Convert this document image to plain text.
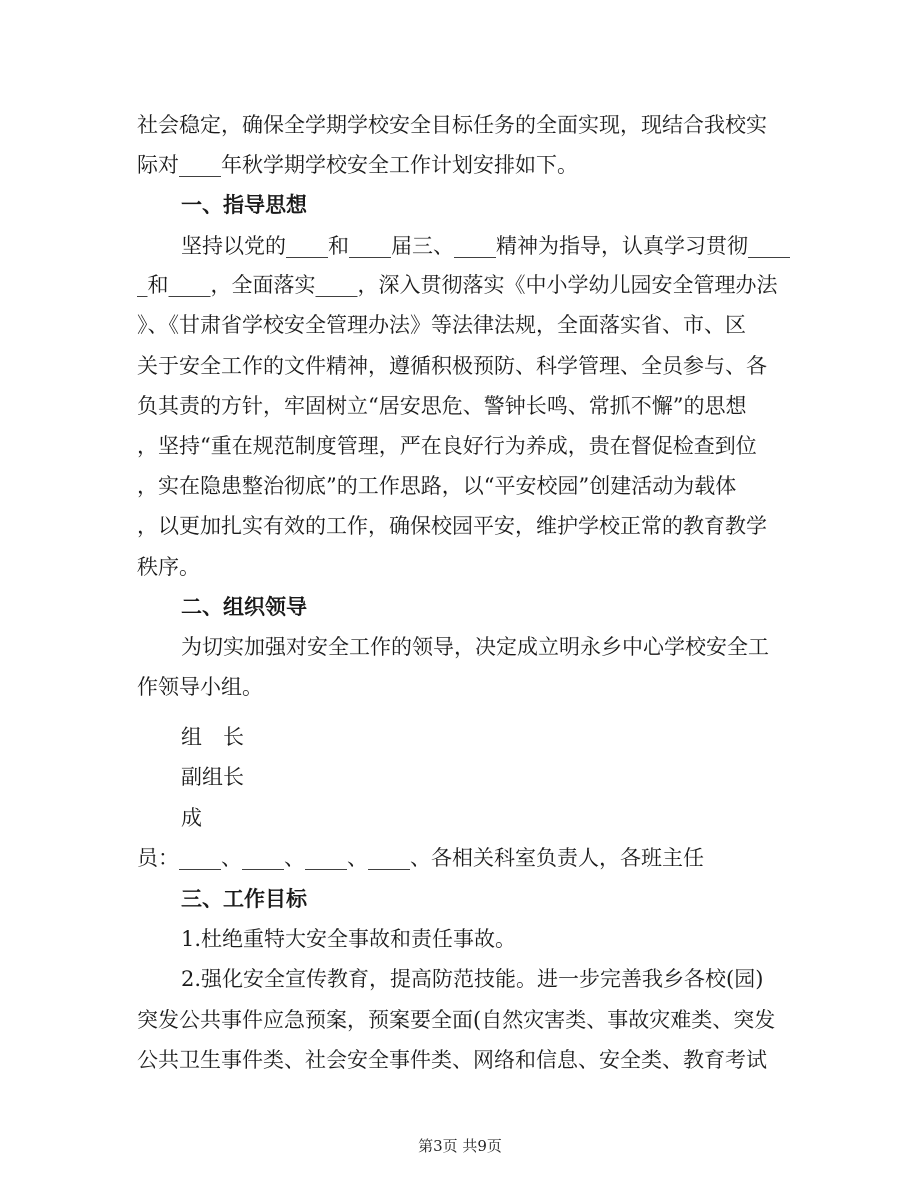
社会稳定，确保全学期学校安全目标任务的全面实现，现结合我校实
际对____年秋学期学校安全工作计划安排如下。
一、指导思想
坚持以党的____和____届三、____精神为指导，认真学习贯彻____
_和____，全面落实____，深入贯彻落实《中小学幼儿园安全管理办法
》、《甘肃省学校安全管理办法》等法律法规，全面落实省、市、区
关于安全工作的文件精神，遵循积极预防、科学管理、全员参与、各
负其责的方针，牢固树立“居安思危、警钟长鸣、常抓不懈”的思想
，坚持“重在规范制度管理，严在良好行为养成，贵在督促检查到位
，实在隐患整治彻底”的工作思路，以“平安校园”创建活动为载体
，以更加扎实有效的工作，确保校园平安，维护学校正常的教育教学
秩序。
二、组织领导
为切实加强对安全工作的领导，决定成立明永乡中心学校安全工
作领导小组。
组　长
副组长
成
员：____、____、____、____、各相关科室负责人，各班主任
三、工作目标
1.杜绝重特大安全事故和责任事故。
2.强化安全宣传教育，提高防范技能。进一步完善我乡各校(园)
突发公共事件应急预案，预案要全面(自然灾害类、事故灾难类、突发
公共卫生事件类、社会安全事件类、网络和信息、安全类、教育考试
第3页 共9页
